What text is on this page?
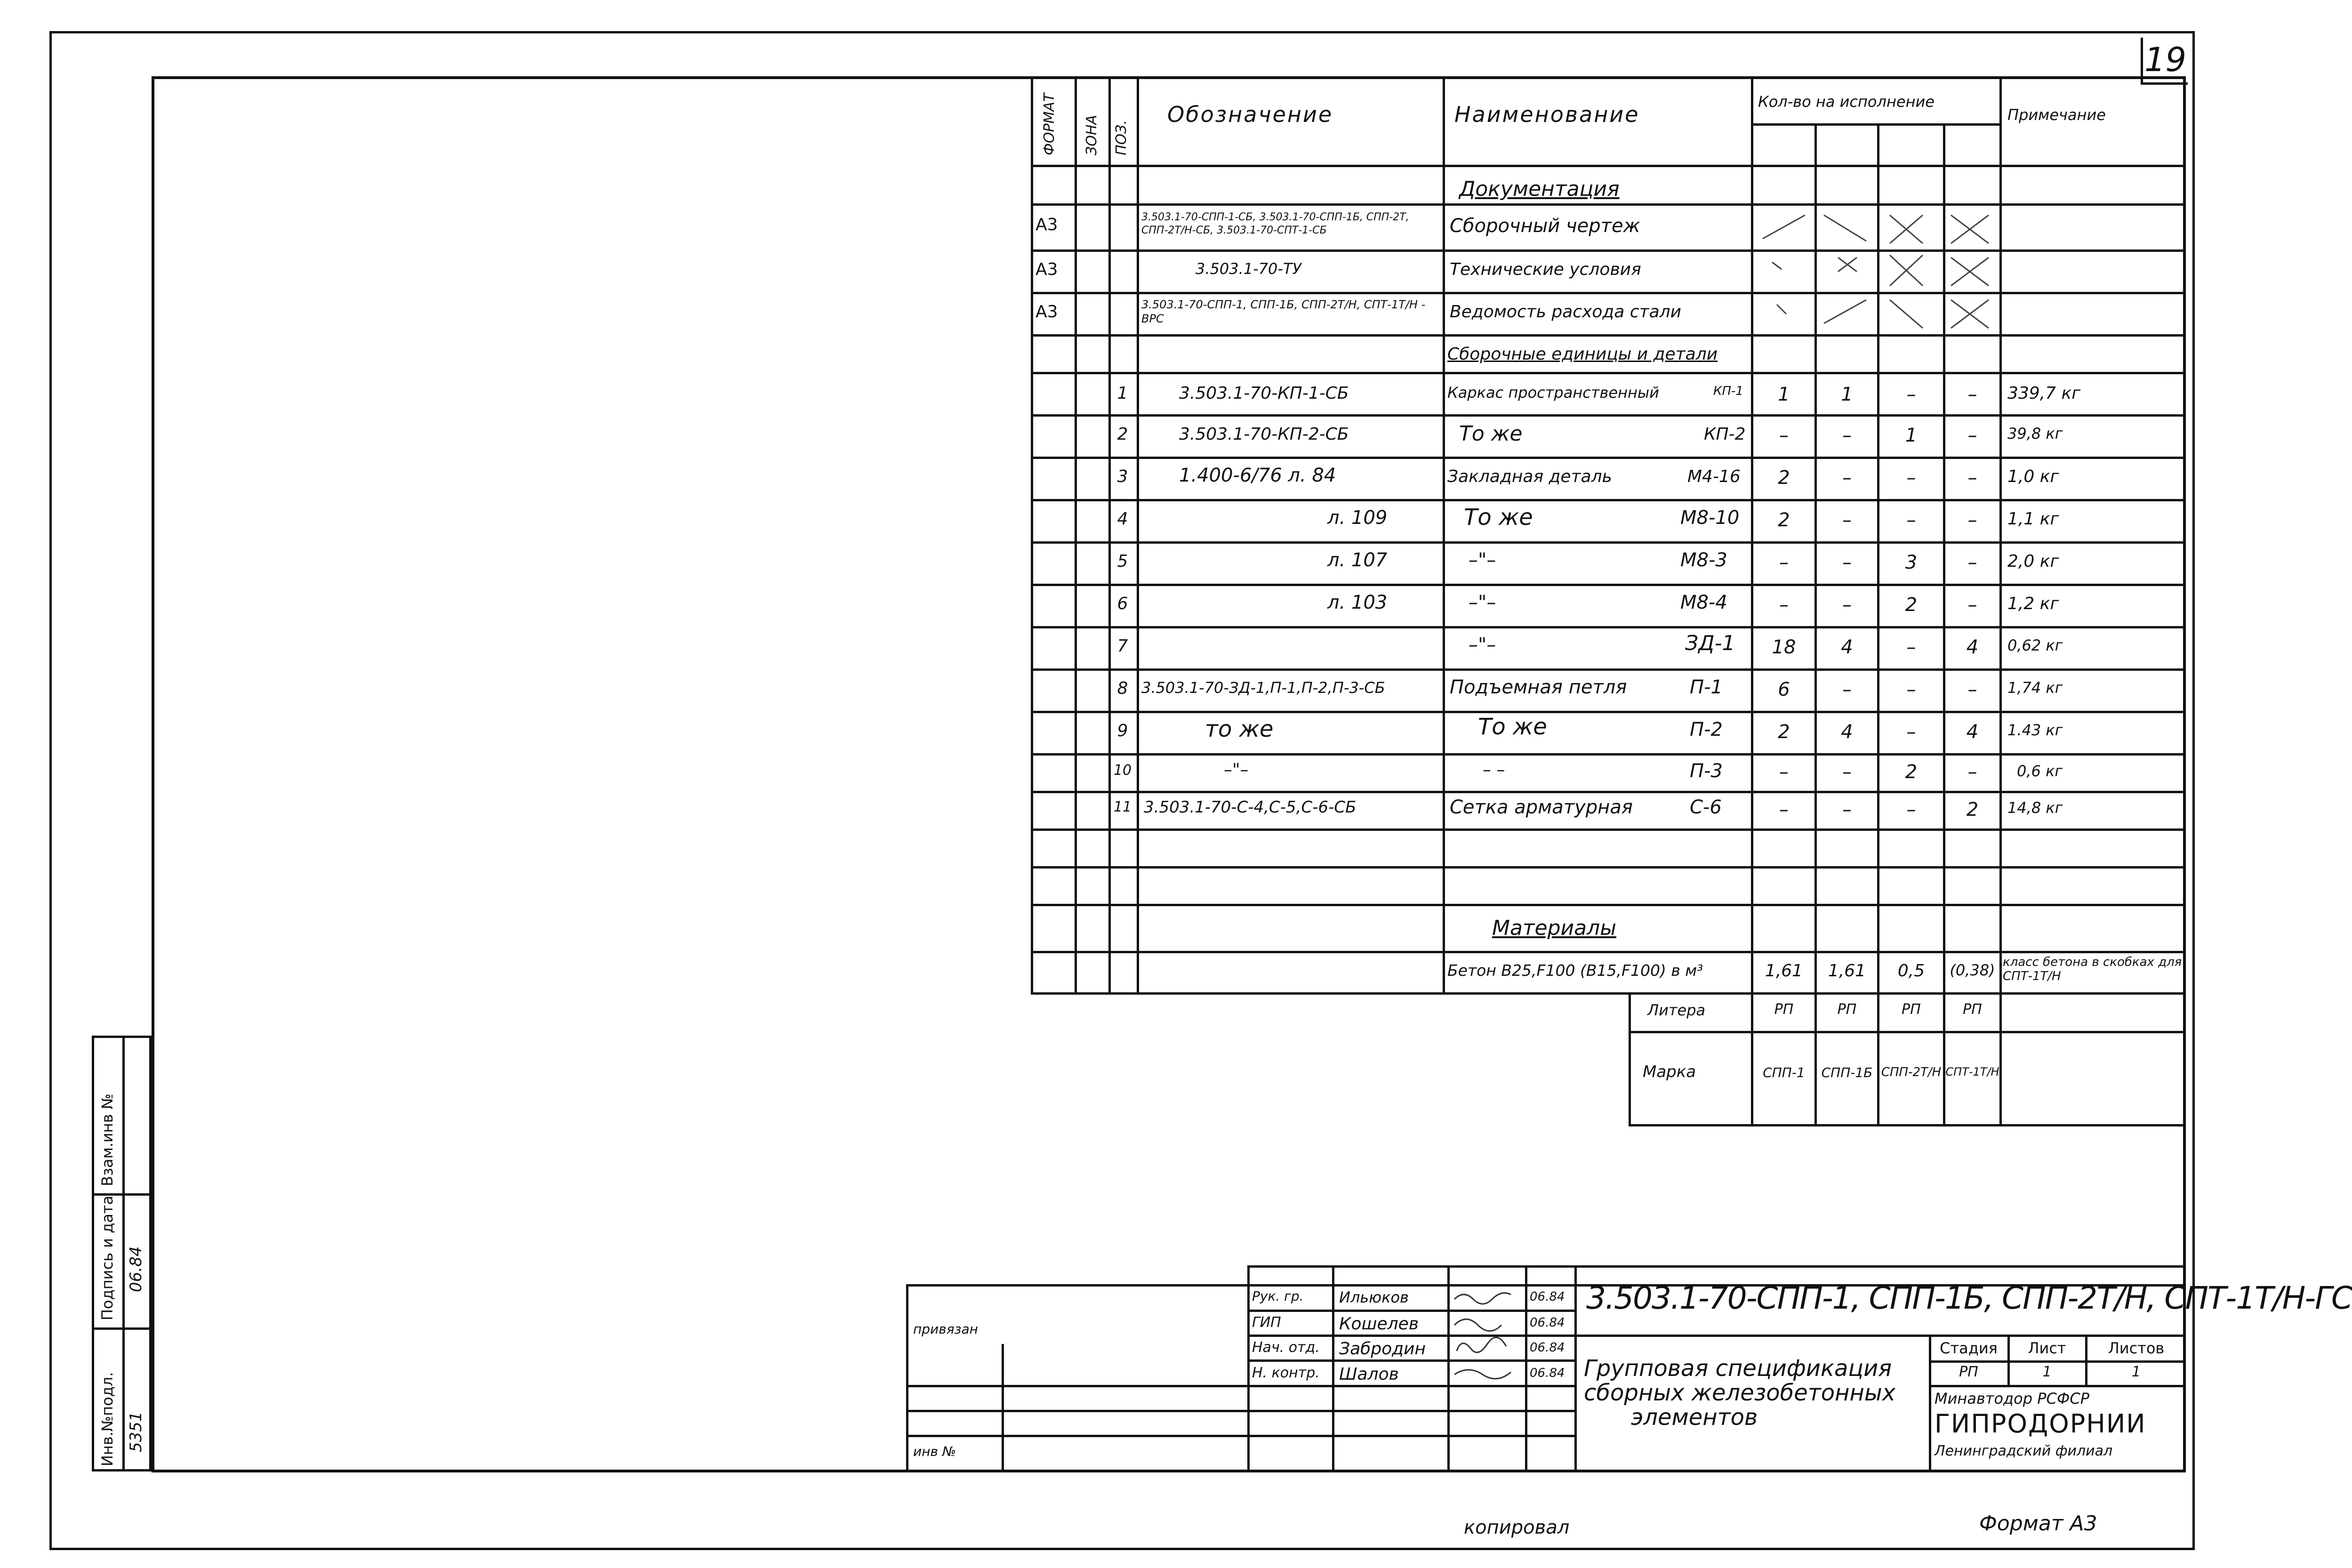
19
Инв.№подл.
Подпись и дата
Взам.инв №
5351
06.84
ФОРМАТ ЗОНА ПОЗ.
Обозначение	Наименование	Кол-во на исполнение
Примечание
Документация
Сборочные единицы и детали
Материалы
А3	3.503.1-70-СПП-1-СБ, 3.503.1-70-СПП-1Б, СПП-2Т, СПП-2Т/Н-СБ, 3.503.1-70-СПТ-1-СБ	Сборочный чертеж
А3	3.503.1-70-ТУ	Технические условия
А3	3.503.1-70-СПП-1, СПП-1Б, СПП-2Т/Н, СПТ-1Т/Н - ВРС	Ведомость расхода стали
1	3.503.1-70-КП-1-СБ	Каркас пространственный	КП-1	1	1	–	–	339,7 кг
2	3.503.1-70-КП-2-СБ	То же	КП-2	–	–	1	–	39,8 кг
3	1.400-6/76 л. 84	Закладная деталь	М4-16	2	–	–	–	1,0 кг
4	л. 109	То же	М8-10	2	–	–	–	1,1 кг
5	л. 107	–"–	М8-3	–	–	3	–	2,0 кг
6	л. 103	–"–	М8-4	–	–	2	–	1,2 кг
7	–"–	ЗД-1	18	4	–	4	0,62 кг
8 3.503.1-70-ЗД-1,П-1,П-2,П-3-СБ	Подъемная петля	П-1	6	–	–	–	1,74 кг
9	то же	То же	П-2	2	4	–	4	1.43 кг
10	–"–	– –	П-3	–	–	2	–	0,6 кг
11 3.503.1-70-С-4,С-5,С-6-СБ	Сетка арматурная	С-6	–	–	–	2	14,8 кг
Бетон B25,F100 (B15,F100) в м³	1,61	1,61	0,5	(0,38) класс бетона в скобках для СПТ-1Т/Н
Литера	РП	РП	РП	РП
Марка	СПП-1	СПП-1Б СПП-2Т/Н СПТ-1Т/Н
Рук. гр. Ильюков	06.84
ГИП	Кошелев	06.84
Нач. отд. Забродин	06.84
Н. контр. Шалов	06.84
привязан
инв №
3.503.1-70-СПП-1, СПП-1Б, СПП-2Т/Н, СПТ-1Т/Н-ГС
Групповая спецификация
сборных железобетонных
элементов
Стадия	Лист	Листов
РП	1	1
Минавтодор РСФСР
ГИПРОДОРНИИ
Ленинградский филиал
копировал	Формат А3
